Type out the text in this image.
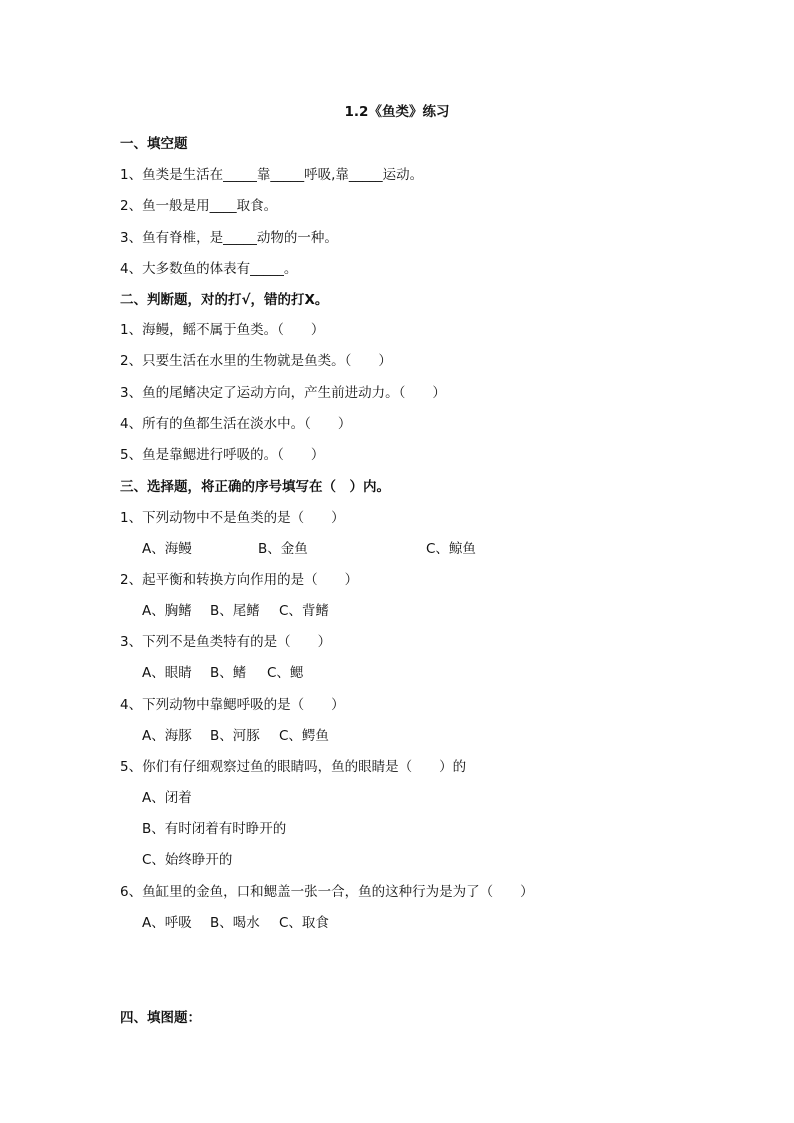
1.2《鱼类》练习
一、填空题
1、鱼类是生活在_____靠_____呼吸,靠_____运动。
2、鱼一般是用____取食。
3、鱼有脊椎，是_____动物的一种。
4、大多数鱼的体表有_____。
二、判断题，对的打√，错的打X。
1、海鳗，鳐不属于鱼类。（　　）
2、只要生活在水里的生物就是鱼类。（　　）
3、鱼的尾鳍决定了运动方向，产生前进动力。（　　）
4、所有的鱼都生活在淡水中。（　　）
5、鱼是靠鳃进行呼吸的。（　　）
三、选择题，将正确的序号填写在（　）内。
1、下列动物中不是鱼类的是（　　）
A、海鳗	B、金鱼	C、鲸鱼
2、起平衡和转换方向作用的是（　　）
A、胸鳍 B、尾鳍 C、背鳍
3、下列不是鱼类特有的是（　　）
A、眼睛 B、鳍 C、鳃
4、下列动物中靠鳃呼吸的是（　　）
A、海豚 B、河豚 C、鳄鱼
5、你们有仔细观察过鱼的眼睛吗，鱼的眼睛是（　　）的
A、闭着
B、有时闭着有时睁开的
C、始终睁开的
6、鱼缸里的金鱼，口和鳃盖一张一合，鱼的这种行为是为了（　　）
A、呼吸 B、喝水 C、取食
四、填图题：
